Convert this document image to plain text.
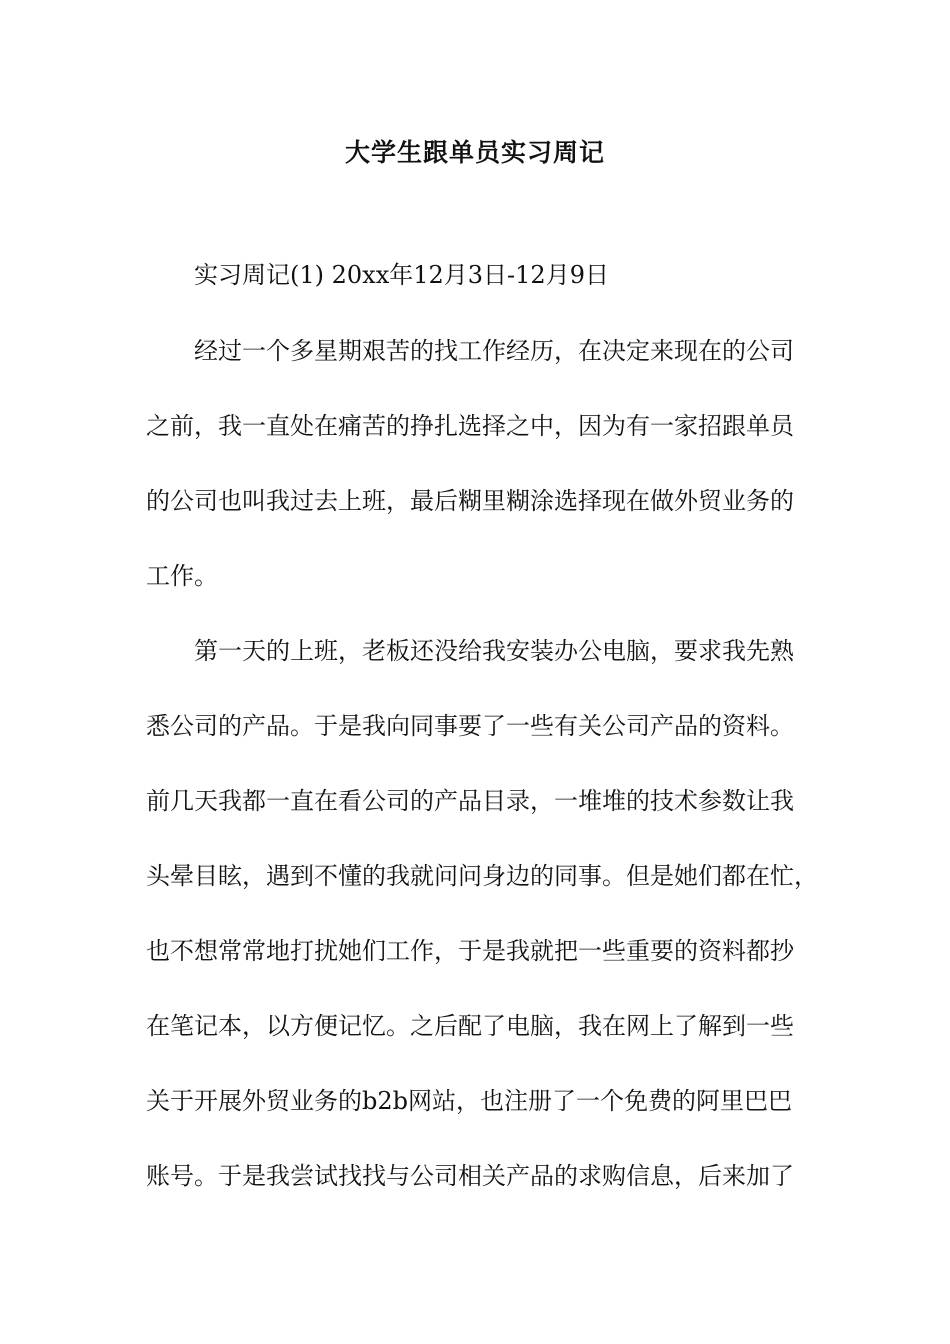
大学生跟单员实习周记
实习周记(1) 20xx年12月3日-12月9日
经过一个多星期艰苦的找工作经历，在决定来现在的公司
之前，我一直处在痛苦的挣扎选择之中，因为有一家招跟单员
的公司也叫我过去上班，最后糊里糊涂选择现在做外贸业务的
工作。
第一天的上班，老板还没给我安装办公电脑，要求我先熟
悉公司的产品。于是我向同事要了一些有关公司产品的资料。
前几天我都一直在看公司的产品目录，一堆堆的技术参数让我
头晕目眩，遇到不懂的我就问问身边的同事。但是她们都在忙，
也不想常常地打扰她们工作，于是我就把一些重要的资料都抄
在笔记本，以方便记忆。之后配了电脑，我在网上了解到一些
关于开展外贸业务的b2b网站，也注册了一个免费的阿里巴巴
账号。于是我尝试找找与公司相关产品的求购信息，后来加了
